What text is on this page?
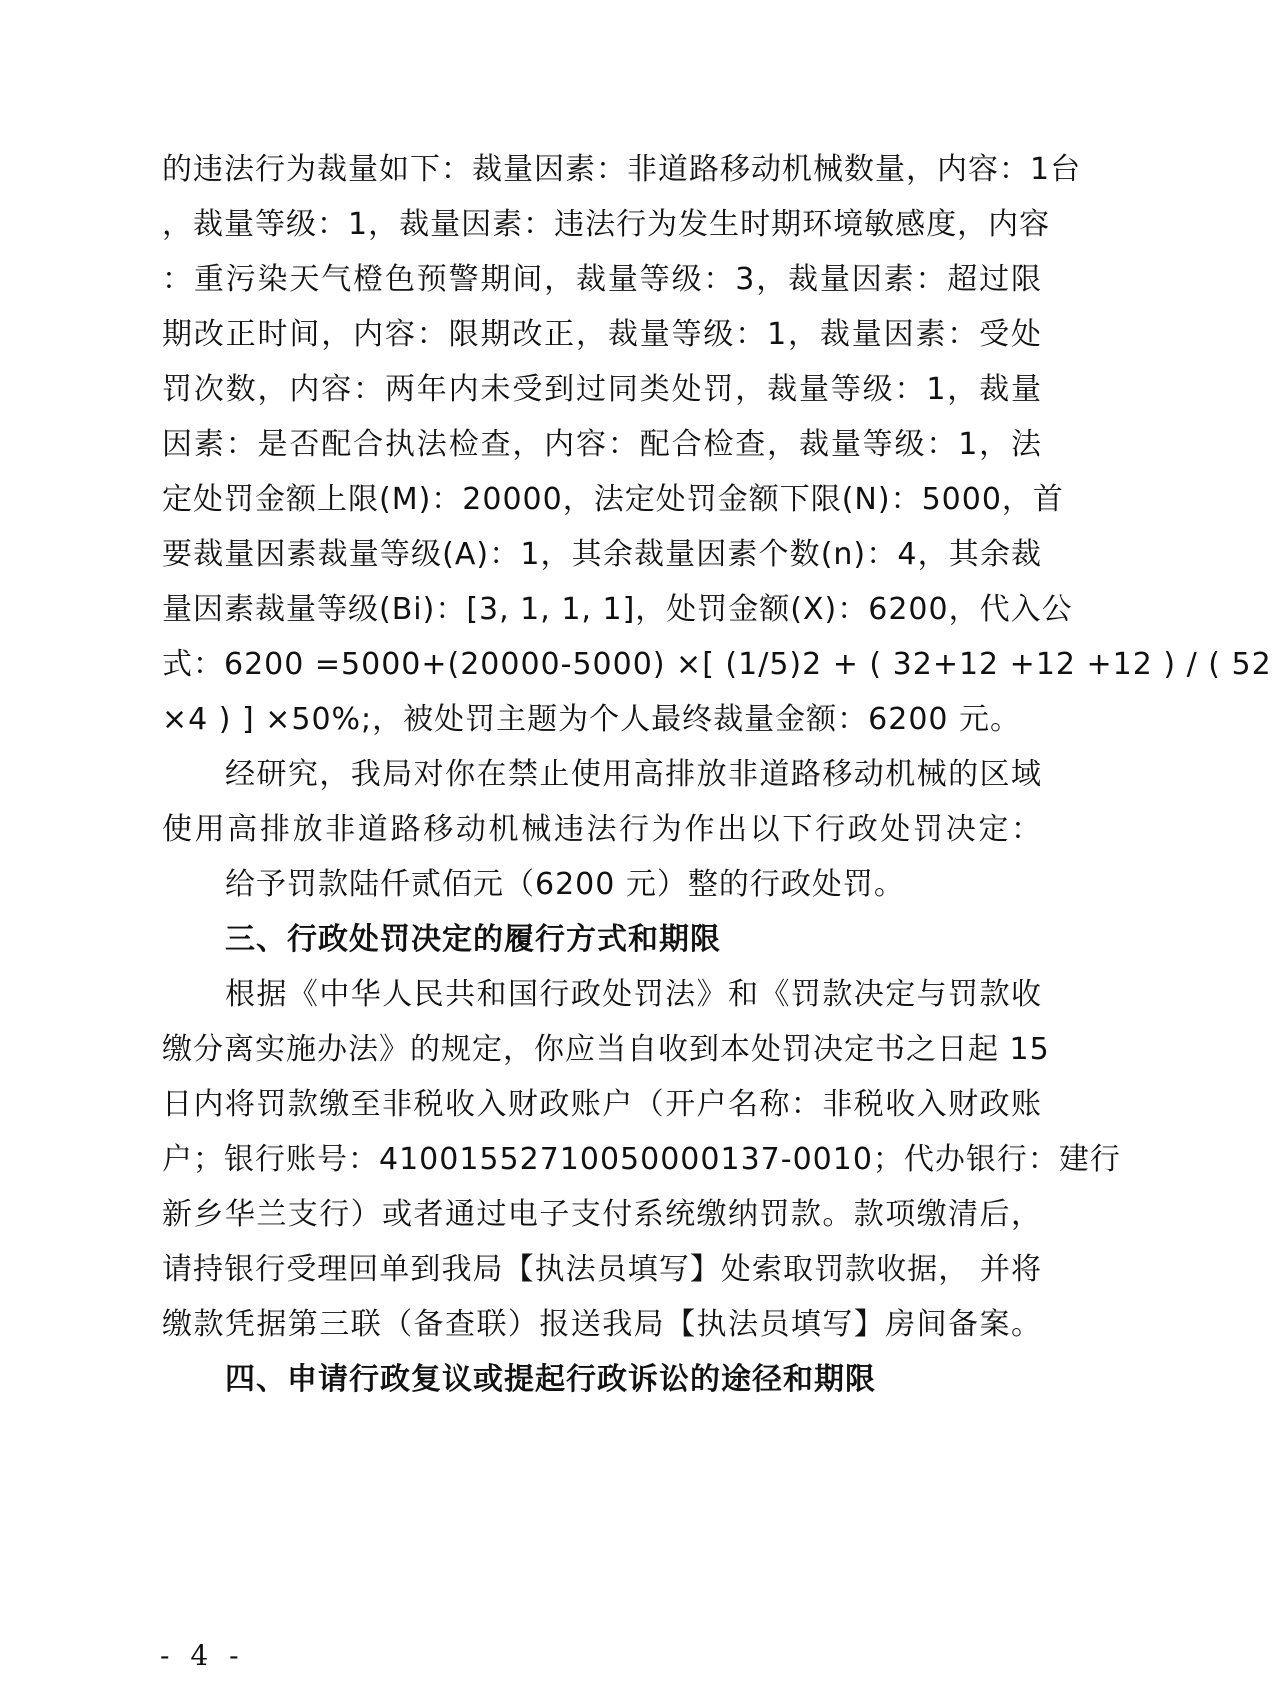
的违法行为裁量如下：裁量因素：非道路移动机械数量，内容：1台
，裁量等级：1，裁量因素：违法行为发生时期环境敏感度，内容
：重污染天气橙色预警期间，裁量等级：3，裁量因素：超过限
期改正时间，内容：限期改正，裁量等级：1，裁量因素：受处
罚次数，内容：两年内未受到过同类处罚，裁量等级：1，裁量
因素：是否配合执法检查，内容：配合检查，裁量等级：1，法
定处罚金额上限(M)：20000，法定处罚金额下限(N)：5000，首
要裁量因素裁量等级(A)：1，其余裁量因素个数(n)：4，其余裁
量因素裁量等级(Bi)：[3, 1, 1, 1]，处罚金额(X)：6200，代入公
式：6200 =5000+(20000-5000) ×[ (1/5)2 + ( 32+12 +12 +12 ) / ( 52
×4 ) ] ×50%;，被处罚主题为个人最终裁量金额：6200 元。
经研究，我局对你在禁止使用高排放非道路移动机械的区域
使用高排放非道路移动机械违法行为作出以下行政处罚决定：
给予罚款陆仟贰佰元（6200 元）整的行政处罚。
三、行政处罚决定的履行方式和期限
根据《中华人民共和国行政处罚法》和《罚款决定与罚款收
缴分离实施办法》的规定，你应当自收到本处罚决定书之日起 15
日内将罚款缴至非税收入财政账户（开户名称：非税收入财政账
户；银行账号：41001552710050000137-0010；代办银行：建行
新乡华兰支行）或者通过电子支付系统缴纳罚款。款项缴清后，
请持银行受理回单到我局【执法员填写】处索取罚款收据， 并将
缴款凭据第三联（备查联）报送我局【执法员填写】房间备案。
四、申请行政复议或提起行政诉讼的途径和期限
- 4 -
